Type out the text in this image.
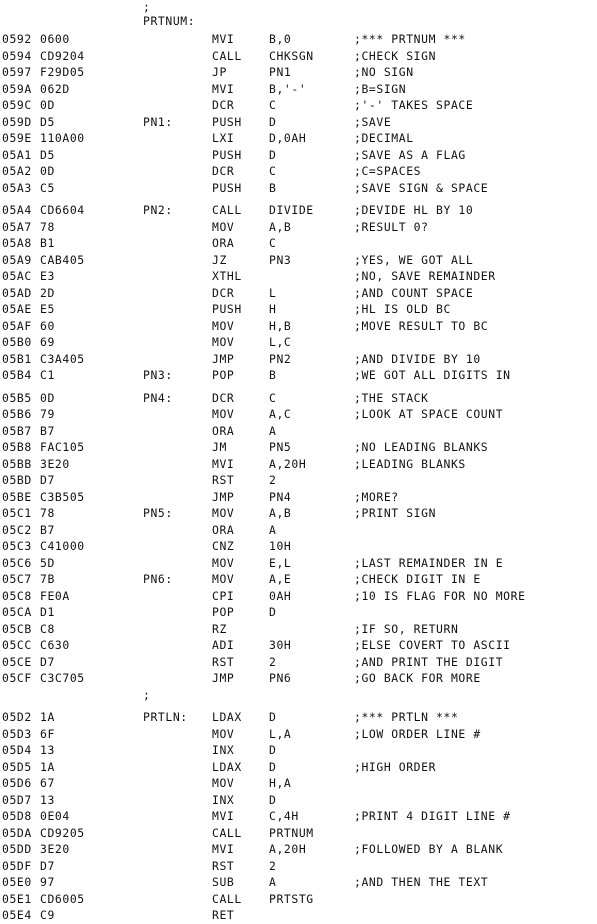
;

PRTNUM:

0592 0600	MVI	B,0	;*** PRTNUM ***
0594 CD9204	CALL CHKSGN	;CHECK SIGN
0597 F29D05	JP	PN1	;NO SIGN
059A 062D	MVI	B,'-'	;B=SIGN
059C 0D	DCR	C	;'-' TAKES SPACE
059D D5	PN1:	PUSH D	;SAVE
059E 110A00	LXI	D,0AH	;DECIMAL
05A1 D5	PUSH D	;SAVE AS A FLAG
05A2 0D	DCR	C	;C=SPACES
05A3 C5	PUSH B	;SAVE SIGN & SPACE
05A4 CD6604	PN2:	CALL DIVIDE	;DEVIDE HL BY 10
05A7 78	MOV	A,B	;RESULT 0?
05A8 B1	ORA	C
05A9 CAB405	JZ	PN3	;YES, WE GOT ALL
05AC E3	XTHL	;NO, SAVE REMAINDER
05AD 2D	DCR	L	;AND COUNT SPACE
05AE E5	PUSH H	;HL IS OLD BC
05AF 60	MOV	H,B	;MOVE RESULT TO BC
05B0 69	MOV	L,C
05B1 C3A405	JMP	PN2	;AND DIVIDE BY 10
05B4 C1	PN3:	POP	B	;WE GOT ALL DIGITS IN
05B5 0D	PN4:	DCR	C	;THE STACK
05B6 79	MOV	A,C	;LOOK AT SPACE COUNT
05B7 B7	ORA	A
05B8 FAC105	JM	PN5	;NO LEADING BLANKS
05BB 3E20	MVI	A,20H	;LEADING BLANKS
05BD D7	RST	2
05BE C3B505	JMP	PN4	;MORE?
05C1 78	PN5:	MOV	A,B	;PRINT SIGN
05C2 B7	ORA	A
05C3 C41000	CNZ	10H
05C6 5D	MOV	E,L	;LAST REMAINDER IN E
05C7 7B	PN6:	MOV	A,E	;CHECK DIGIT IN E
05C8 FE0A	CPI	0AH	;10 IS FLAG FOR NO MORE
05CA D1	POP	D
05CB C8	RZ	;IF SO, RETURN
05CC C630	ADI	30H	;ELSE COVERT TO ASCII
05CE D7	RST	2	;AND PRINT THE DIGIT
05CF C3C705	JMP	PN6	;GO BACK FOR MORE
;
05D2 1A	PRTLN: LDAX D	;*** PRTLN ***
05D3 6F	MOV	L,A	;LOW ORDER LINE #
05D4 13	INX	D
05D5 1A	LDAX D	;HIGH ORDER
05D6 67	MOV	H,A
05D7 13	INX	D
05D8 0E04	MVI	C,4H	;PRINT 4 DIGIT LINE #
05DA CD9205	CALL PRTNUM
05DD 3E20	MVI	A,20H	;FOLLOWED BY A BLANK
05DF D7	RST	2
05E0 97	SUB	A	;AND THEN THE TEXT
05E1 CD6005	CALL PRTSTG
05E4 C9	RET
